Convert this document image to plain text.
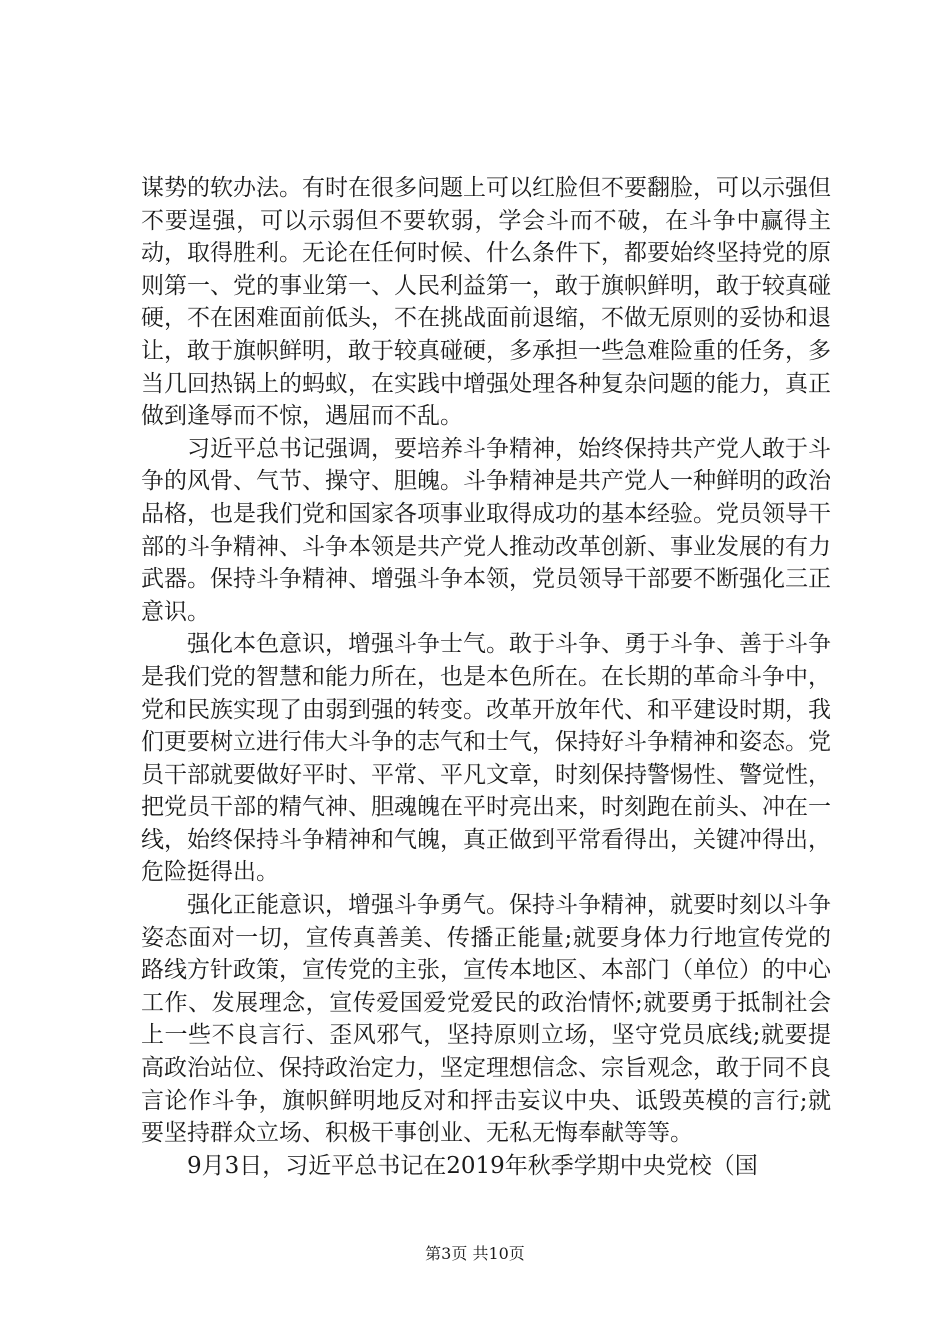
谋势的软办法。有时在很多问题上可以红脸但不要翻脸，可以示强但不要逞强，可以示弱但不要软弱，学会斗而不破，在斗争中赢得主动，取得胜利。无论在任何时候、什么条件下，都要始终坚持党的原则第一、党的事业第一、人民利益第一，敢于旗帜鲜明，敢于较真碰硬，不在困难面前低头，不在挑战面前退缩，不做无原则的妥协和退让，敢于旗帜鲜明，敢于较真碰硬，多承担一些急难险重的任务，多当几回热锅上的蚂蚁，在实践中增强处理各种复杂问题的能力，真正做到逢辱而不惊，遇屈而不乱。

习近平总书记强调，要培养斗争精神，始终保持共产党人敢于斗争的风骨、气节、操守、胆魄。斗争精神是共产党人一种鲜明的政治品格，也是我们党和国家各项事业取得成功的基本经验。党员领导干部的斗争精神、斗争本领是共产党人推动改革创新、事业发展的有力武器。保持斗争精神、增强斗争本领，党员领导干部要不断强化三正意识。

强化本色意识，增强斗争士气。敢于斗争、勇于斗争、善于斗争是我们党的智慧和能力所在，也是本色所在。在长期的革命斗争中，党和民族实现了由弱到强的转变。改革开放年代、和平建设时期，我们更要树立进行伟大斗争的志气和士气，保持好斗争精神和姿态。党员干部就要做好平时、平常、平凡文章，时刻保持警惕性、警觉性，把党员干部的精气神、胆魂魄在平时亮出来，时刻跑在前头、冲在一线，始终保持斗争精神和气魄，真正做到平常看得出，关键冲得出，危险挺得出。

强化正能意识，增强斗争勇气。保持斗争精神，就要时刻以斗争姿态面对一切，宣传真善美、传播正能量;就要身体力行地宣传党的路线方针政策，宣传党的主张，宣传本地区、本部门（单位）的中心工作、发展理念，宣传爱国爱党爱民的政治情怀;就要勇于抵制社会上一些不良言行、歪风邪气，坚持原则立场，坚守党员底线;就要提高政治站位、保持政治定力，坚定理想信念、宗旨观念，敢于同不良言论作斗争，旗帜鲜明地反对和抨击妄议中央、诋毁英模的言行;就要坚持群众立场、积极干事创业、无私无悔奉献等等。

9月3日，习近平总书记在2019年秋季学期中央党校（国

第3页 共10页
